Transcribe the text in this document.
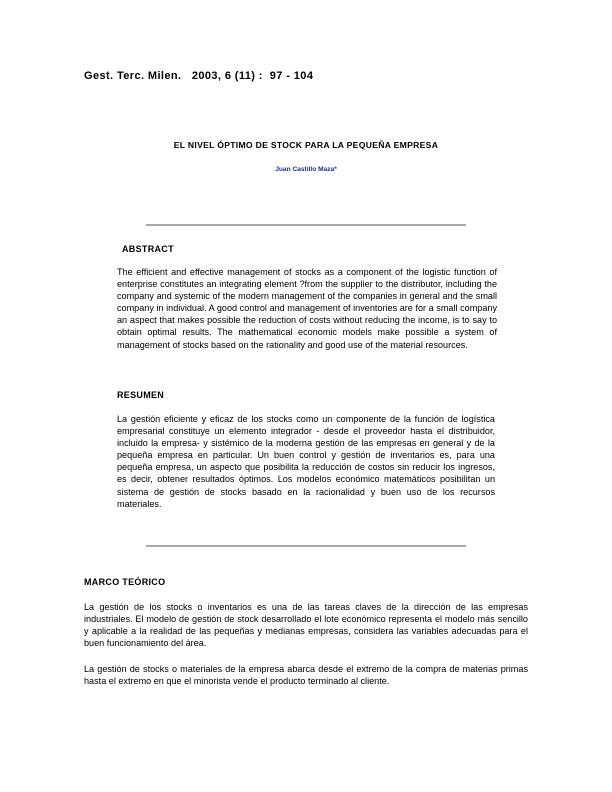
Gest. Terc. Milen.   2003, 6 (11) :  97 - 104
EL NIVEL ÓPTIMO DE STOCK PARA LA PEQUEÑA EMPRESA
Juan Castillo Maza*
ABSTRACT
The efficient and effective management of stocks as a component of the logistic function of enterprise constitutes an integrating element ?from the supplier to the distributor, including the company and systemic of the modern management of the companies in general and the small company in individual. A good control and management of inventories are for a small company an aspect that makes possible the reduction of costs without reducing the income, is to say to obtain optimal results. The mathematical economic models make possible a system of management of stocks based on the rationality and good use of the material resources.
RESUMEN
La gestión eficiente y eficaz de los stocks como un componente de la función de logística empresarial constituye un elemento integrador - desde el proveedor hasta el distribuidor, incluido la empresa- y sistémico de la moderna gestión de las empresas en general y de la pequeña empresa en particular. Un buen control y gestión de inventarios es, para una pequeña empresa, un aspecto que posibilita la reducción de costos sin reducir los ingresos, es decir, obtener resultados óptimos. Los modelos económico matemáticos posibilitan un sistema de gestión de stocks basado en la racionalidad y buen uso de los recursos materiales.
MARCO TEÓRICO
La gestión de los stocks o inventarios es una de las tareas claves de la dirección de las empresas industriales. El modelo de gestión de stock desarrollado el lote económico representa el modelo más sencillo y aplicable a la realidad de las pequeñas y medianas empresas, considera las variables adecuadas para el buen funcionamiento del área.
La gestión de stocks o materiales de la empresa abarca desde el extremo de la compra de materias primas hasta el extremo en que el minorista vende el producto terminado al cliente.
